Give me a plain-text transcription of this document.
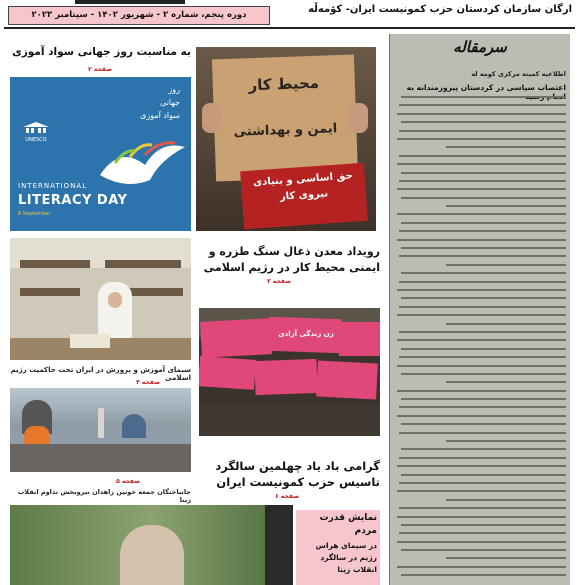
دوره پنجم، شماره ۲ - شهریور ۱۴۰۲ - سپتامبر ۲۰۲۳	ارگان سازمان کردستان حزب کمونیست ایران- کۆمەڵە
سرمقاله
اطلاعیه کمیته مرکزی کومه له
اعتصاب سیاسی در کردستان پیروزمندانه به
به مناسبت روز جهانی سواد آموزی
صفحه ۲
روز
جهانی
سواد آموزی
UNESCO
INTERNATIONAL
LITERACY DAY
8 September
محیط کار
ایمن و بهداشتی
حق اساسی و بنیادی نیروی کار
رویداد معدن ذغال سنگ طزره و ایمنی محیط کار در رژیم اسلامی
صفحه ۳
سیمای آموزش و پرورش در ایران تحت حاکمیت رژیم اسلامی
صفحه ۴
زن زندگی آزادی
جانباختگان جمعه خونین زاهدان نیروبخش تداوم انقلاب زینا
صفحه ۵
گرامی باد یاد چهلمین سالگرد تاسیس حزب کمونیست ایران
صفحه ۶
نمایش قدرت مردم
در سیمای هراس رژیم در سالگرد انقلاب زینا
